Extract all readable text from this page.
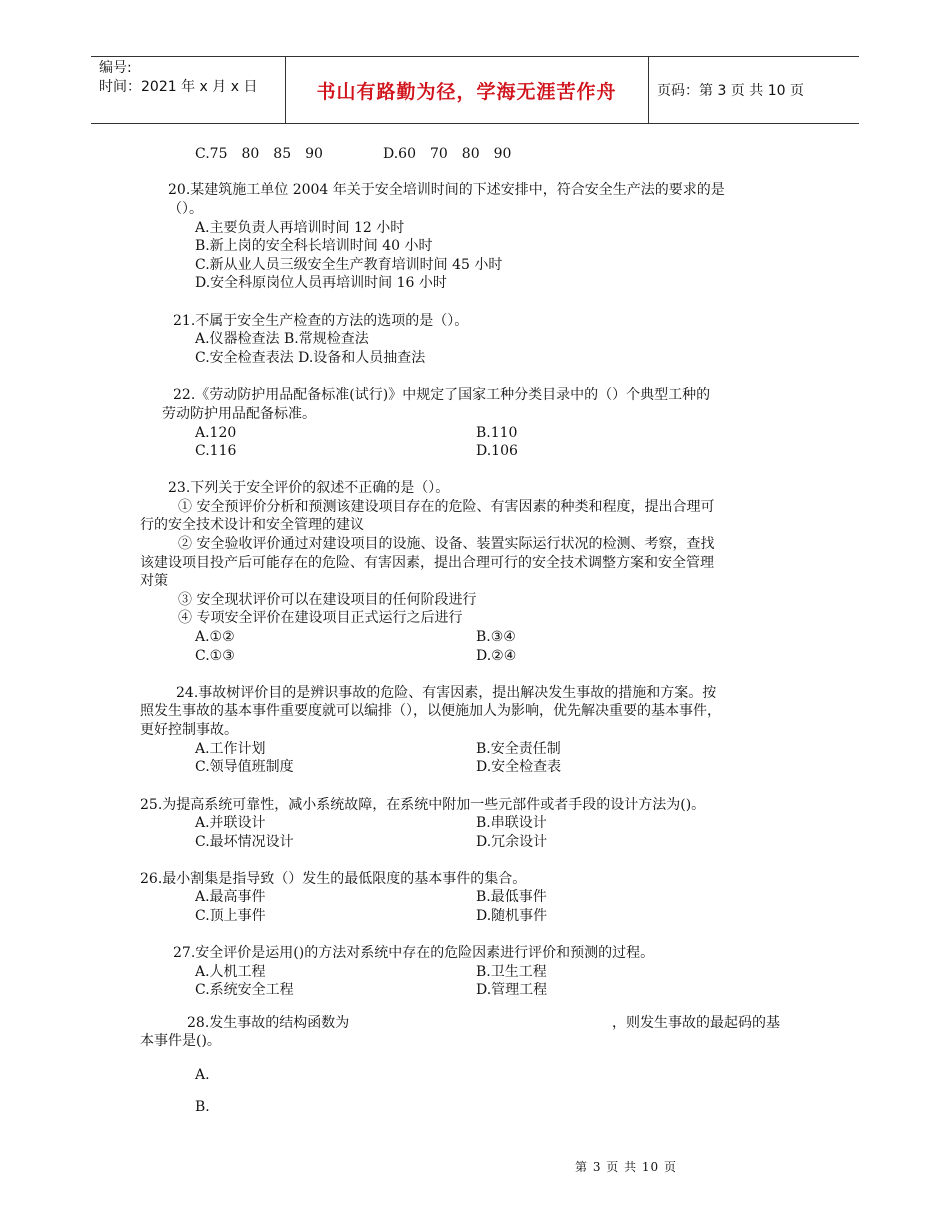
编号:
时间：2021 年 x 月 x 日	书山有路勤为径，学海无涯苦作舟	页码：第 3 页 共 10 页
C.75　80　85　90	D.60　70　80　90
20.某建筑施工单位 2004 年关于安全培训时间的下述安排中，符合安全生产法的要求的是
（）。
A.主要负责人再培训时间 12 小时
B.新上岗的安全科长培训时间 40 小时
C.新从业人员三级安全生产教育培训时间 45 小时
D.安全科原岗位人员再培训时间 16 小时
21.不属于安全生产检查的方法的选项的是（）。
A.仪器检查法 B.常规检查法
C.安全检查表法 D.设备和人员抽查法
22.《劳动防护用品配备标准(试行)》中规定了国家工种分类目录中的（）个典型工种的
劳动防护用品配备标准。
A.120	B.110
C.116	D.106
23.下列关于安全评价的叙述不正确的是（）。
① 安全预评价分析和预测该建设项目存在的危险、有害因素的种类和程度，提出合理可
行的安全技术设计和安全管理的建议
② 安全验收评价通过对建设项目的设施、设备、装置实际运行状况的检测、考察，查找
该建设项目投产后可能存在的危险、有害因素，提出合理可行的安全技术调整方案和安全管理
对策
③ 安全现状评价可以在建设项目的任何阶段进行
④ 专项安全评价在建设项目正式运行之后进行
A.①②	B.③④
C.①③	D.②④
24.事故树评价目的是辨识事故的危险、有害因素，提出解决发生事故的措施和方案。按
照发生事故的基本事件重要度就可以编排（），以便施加人为影响，优先解决重要的基本事件，
更好控制事故。
A.工作计划	B.安全责任制
C.领导值班制度	D.安全检查表
25.为提高系统可靠性，减小系统故障，在系统中附加一些元部件或者手段的设计方法为()。
A.并联设计	B.串联设计
C.最坏情况设计	D.冗余设计
26.最小割集是指导致（）发生的最低限度的基本事件的集合。
A.最高事件	B.最低事件
C.顶上事件	D.随机事件
27.安全评价是运用()的方法对系统中存在的危险因素进行评价和预测的过程。
A.人机工程	B.卫生工程
C.系统安全工程	D.管理工程
28.发生事故的结构函数为	，则发生事故的最起码的基
本事件是()。
A.
B.
第 3 页 共 10 页
